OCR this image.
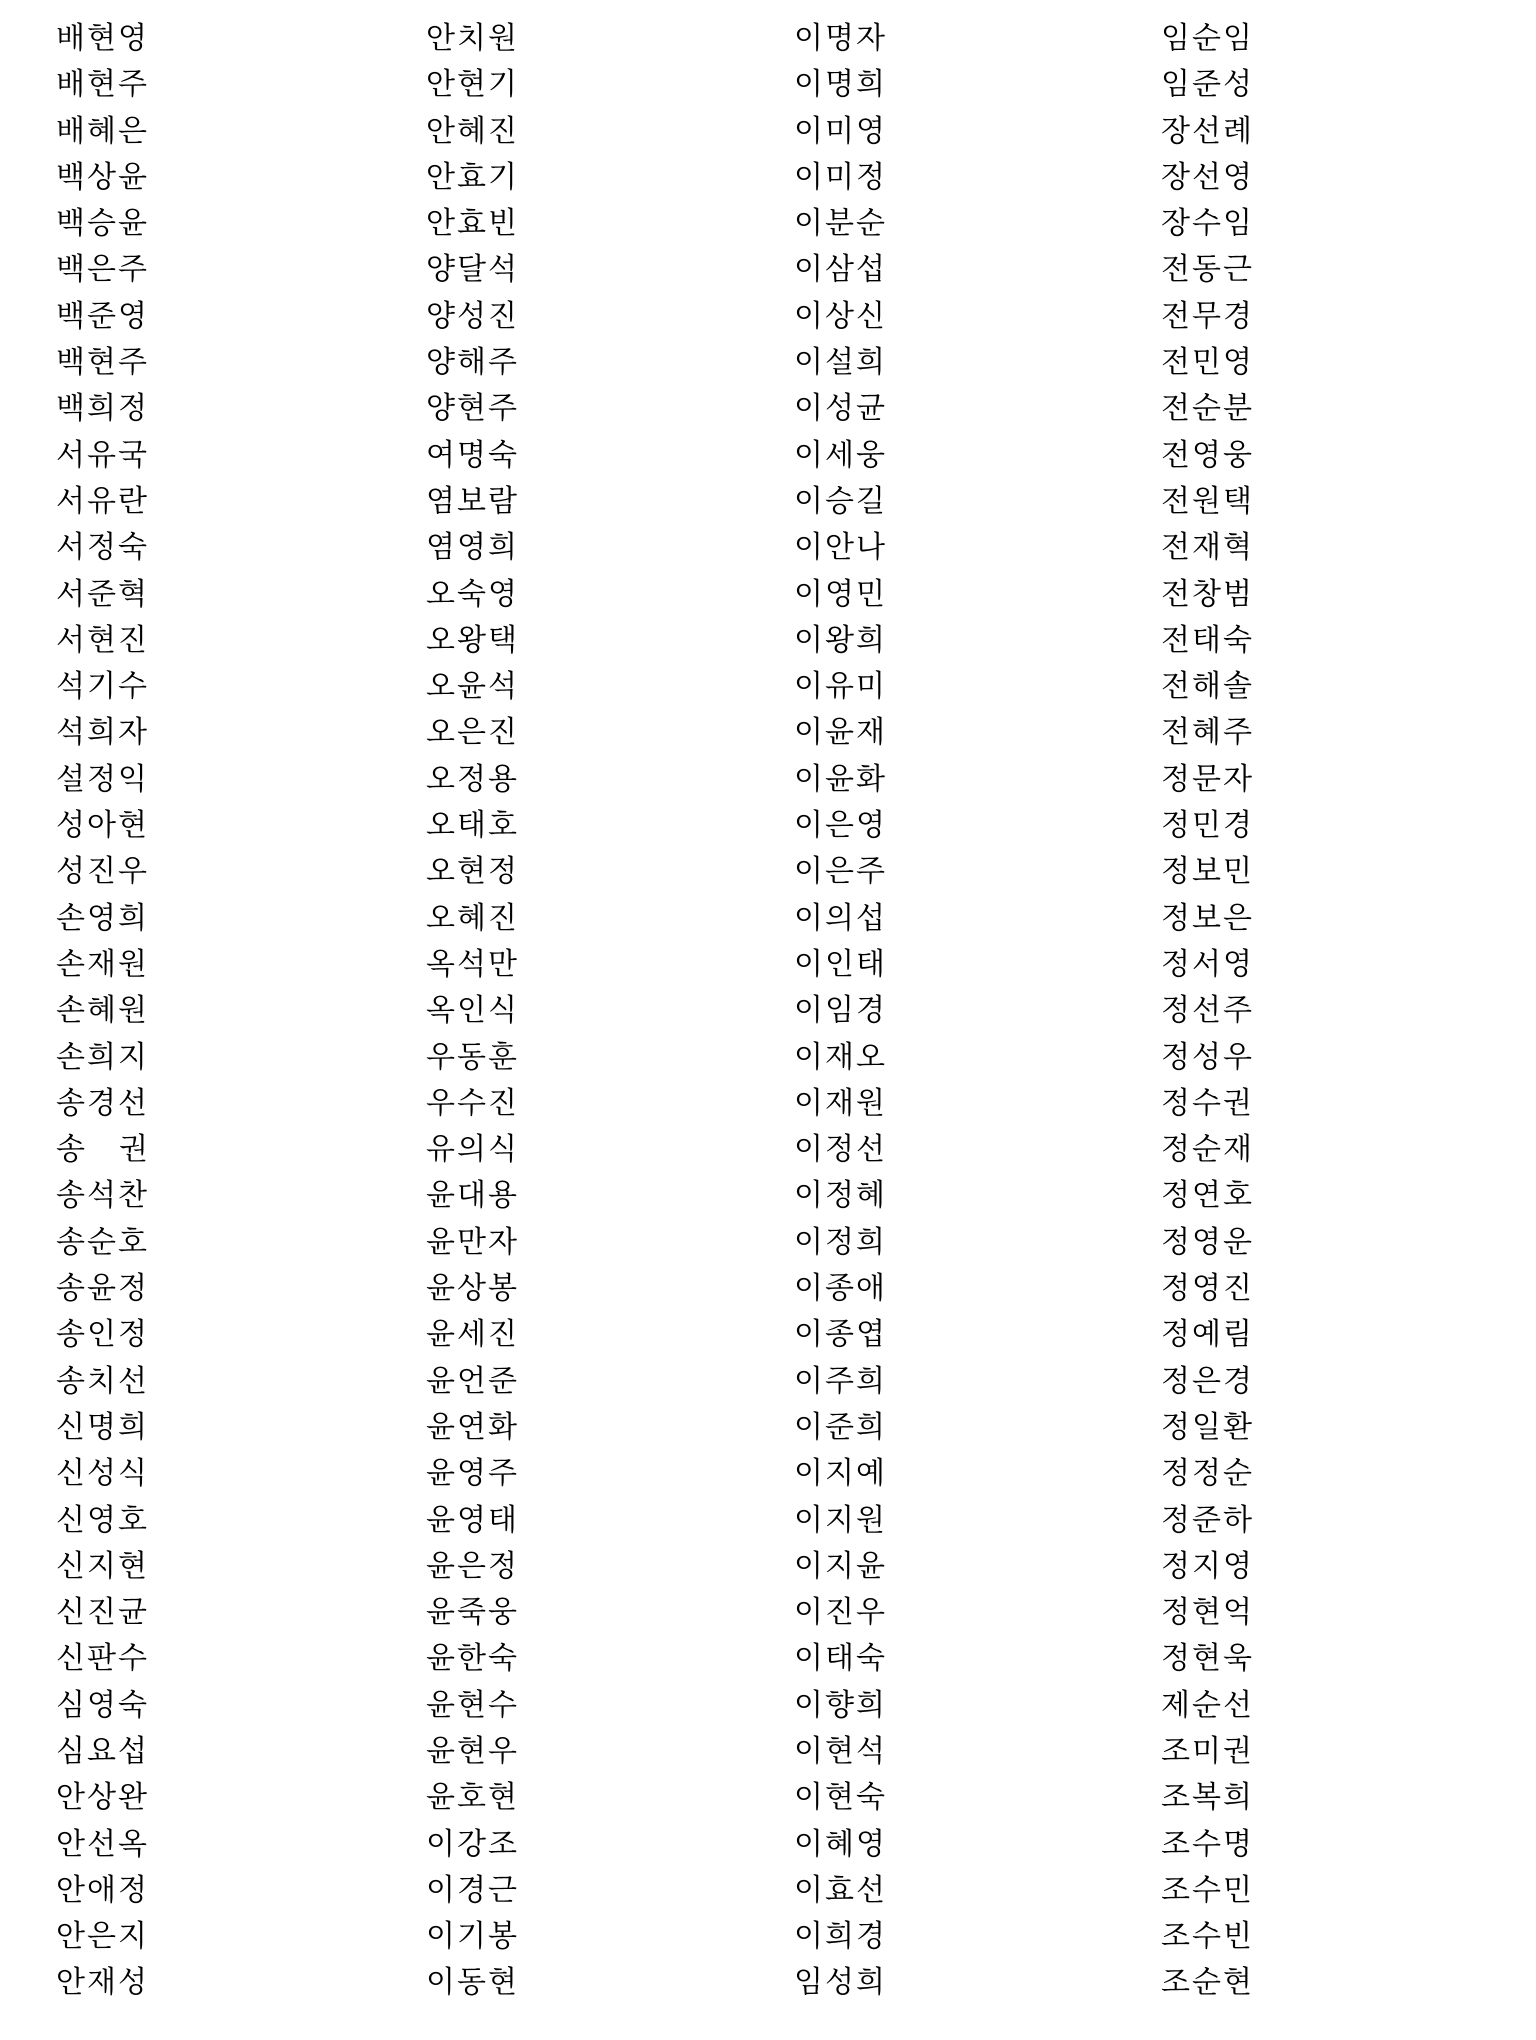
배현영
배현주
배혜은
백상윤
백승윤
백은주
백준영
백현주
백희정
서유국
서유란
서정숙
서준혁
서현진
석기수
석희자
설정익
성아현
성진우
손영희
손재원
손혜원
손희지
송경선
송　권
송석찬
송순호
송윤정
송인정
송치선
신명희
신성식
신영호
신지현
신진균
신판수
심영숙
심요섭
안상완
안선옥
안애정
안은지
안재성
안치원
안현기
안혜진
안효기
안효빈
양달석
양성진
양해주
양현주
여명숙
염보람
염영희
오숙영
오왕택
오윤석
오은진
오정용
오태호
오현정
오혜진
옥석만
옥인식
우동훈
우수진
유의식
윤대용
윤만자
윤상봉
윤세진
윤언준
윤연화
윤영주
윤영태
윤은정
윤죽웅
윤한숙
윤현수
윤현우
윤호현
이강조
이경근
이기봉
이동현
이명자
이명희
이미영
이미정
이분순
이삼섭
이상신
이설희
이성균
이세웅
이승길
이안나
이영민
이왕희
이유미
이윤재
이윤화
이은영
이은주
이의섭
이인태
이임경
이재오
이재원
이정선
이정혜
이정희
이종애
이종엽
이주희
이준희
이지예
이지원
이지윤
이진우
이태숙
이향희
이현석
이현숙
이혜영
이효선
이희경
임성희
임순임
임준성
장선례
장선영
장수임
전동근
전무경
전민영
전순분
전영웅
전원택
전재혁
전창범
전태숙
전해솔
전혜주
정문자
정민경
정보민
정보은
정서영
정선주
정성우
정수권
정순재
정연호
정영운
정영진
정예림
정은경
정일환
정정순
정준하
정지영
정현억
정현욱
제순선
조미권
조복희
조수명
조수민
조수빈
조순현
